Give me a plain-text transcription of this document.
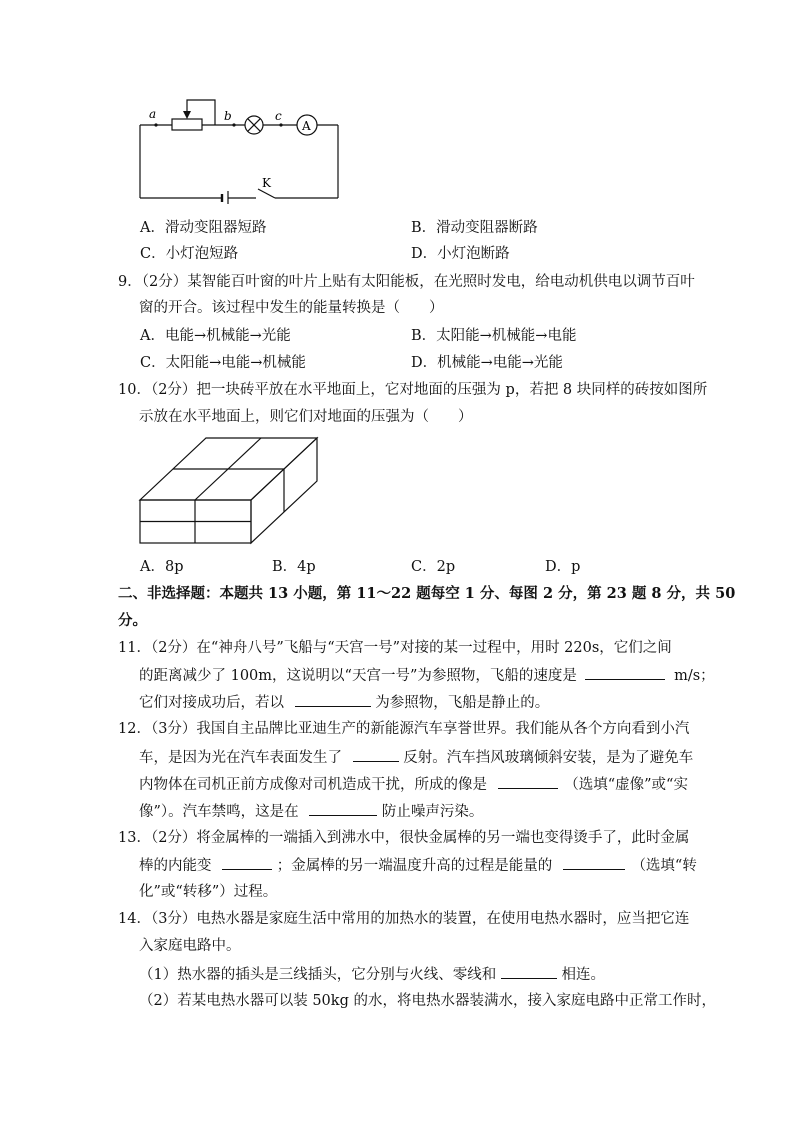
a	b	c
A
K
A．滑动变阻器短路	B．滑动变阻器断路
C．小灯泡短路	D．小灯泡断路
9．（2分）某智能百叶窗的叶片上贴有太阳能板，在光照时发电，给电动机供电以调节百叶
窗的开合。该过程中发生的能量转换是（　　）
A．电能→机械能→光能	B．太阳能→机械能→电能
C．太阳能→电能→机械能	D．机械能→电能→光能
10．（2分）把一块砖平放在水平地面上，它对地面的压强为 p，若把 8 块同样的砖按如图所
示放在水平地面上，则它们对地面的压强为（　　）
A．8p	B．4p	C．2p	D．p
二、非选择题：本题共 13 小题，第 11～22 题每空 1 分、每图 2 分，第 23 题 8 分，共 50
分。
11．（2分）在“神舟八号”飞船与“天宫一号”对接的某一过程中，用时 220s，它们之间
的距离减少了 100m，这说明以“天宫一号”为参照物，飞船的速度是	m/s；
它们对接成功后，若以	为参照物，飞船是静止的。
12．（3分）我国自主品牌比亚迪生产的新能源汽车享誉世界。我们能从各个方向看到小汽
车，是因为光在汽车表面发生了	反射。汽车挡风玻璃倾斜安装，是为了避免车
内物体在司机正前方成像对司机造成干扰，所成的像是	（选填“虚像”或“实
像”）。汽车禁鸣，这是在	防止噪声污染。
13．（2分）将金属棒的一端插入到沸水中，很快金属棒的另一端也变得烫手了，此时金属
棒的内能变	；金属棒的另一端温度升高的过程是能量的	（选填“转
化”或“转移”）过程。
14．（3分）电热水器是家庭生活中常用的加热水的装置，在使用电热水器时，应当把它连
入家庭电路中。
（1）热水器的插头是三线插头，它分别与火线、零线和	相连。
（2）若某电热水器可以装 50kg 的水，将电热水器装满水，接入家庭电路中正常工作时，
